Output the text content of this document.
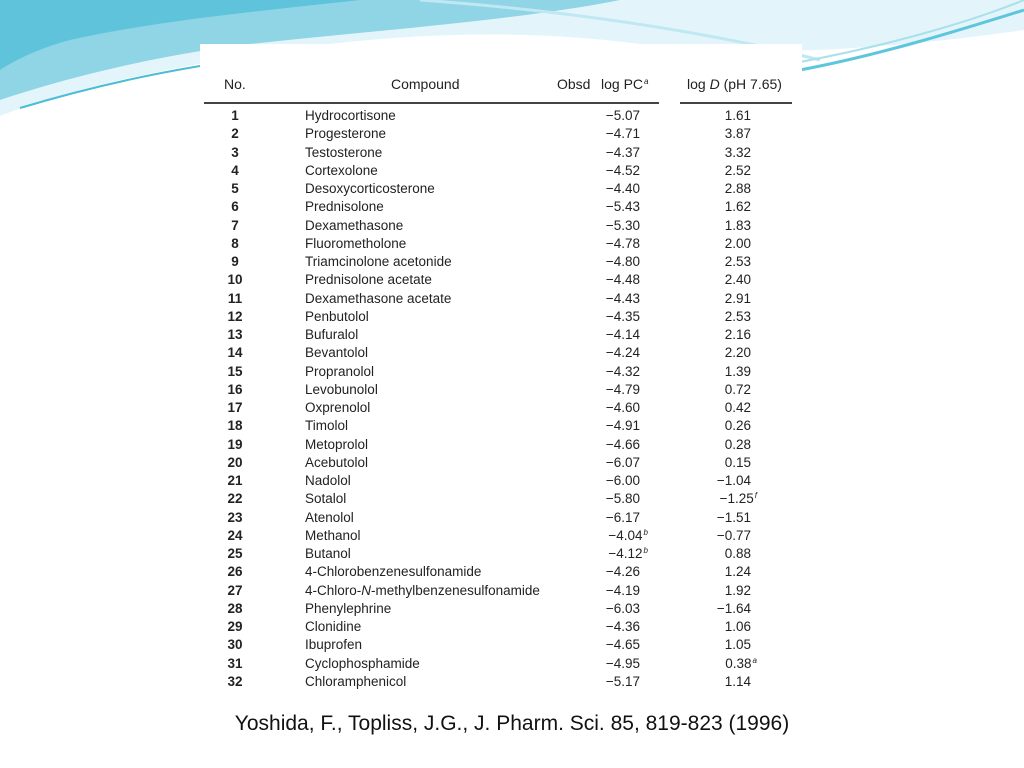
No.	Compound	Obsd log PC$^a$	log D (pH 7.65)
1	Hydrocortisone	−5.07	1.61
2	Progesterone	−4.71	3.87
3	Testosterone	−4.37	3.32
4	Cortexolone	−4.52	2.52
5	Desoxycorticosterone	−4.40	2.88
6	Prednisolone	−5.43	1.62
7	Dexamethasone	−5.30	1.83
8	Fluorometholone	−4.78	2.00
9	Triamcinolone acetonide	−4.80	2.53
10	Prednisolone acetate	−4.48	2.40
11	Dexamethasone acetate	−4.43	2.91
12	Penbutolol	−4.35	2.53
13	Bufuralol	−4.14	2.16
14	Bevantolol	−4.24	2.20
15	Propranolol	−4.32	1.39
16	Levobunolol	−4.79	0.72
17	Oxprenolol	−4.60	0.42
18	Timolol	−4.91	0.26
19	Metoprolol	−4.66	0.28
20	Acebutolol	−6.07	0.15
21	Nadolol	−6.00	−1.04
22	Sotalol	−5.80	−1.25$^f$
23	Atenolol	−6.17	−1.51
24	Methanol	−4.04$^b$	−0.77
25	Butanol	−4.12$^b$	0.88
26	4-Chlorobenzenesulfonamide	−4.26	1.24
27	4-Chloro-N-methylbenzenesulfonamide	−4.19	1.92
28	Phenylephrine	−6.03	−1.64
29	Clonidine	−4.36	1.06
30	Ibuprofen	−4.65	1.05
31	Cyclophosphamide	−4.95	0.38$^a$
32	Chloramphenicol	−5.17	1.14
Yoshida, F., Topliss, J.G., J. Pharm. Sci. 85, 819-823 (1996)
